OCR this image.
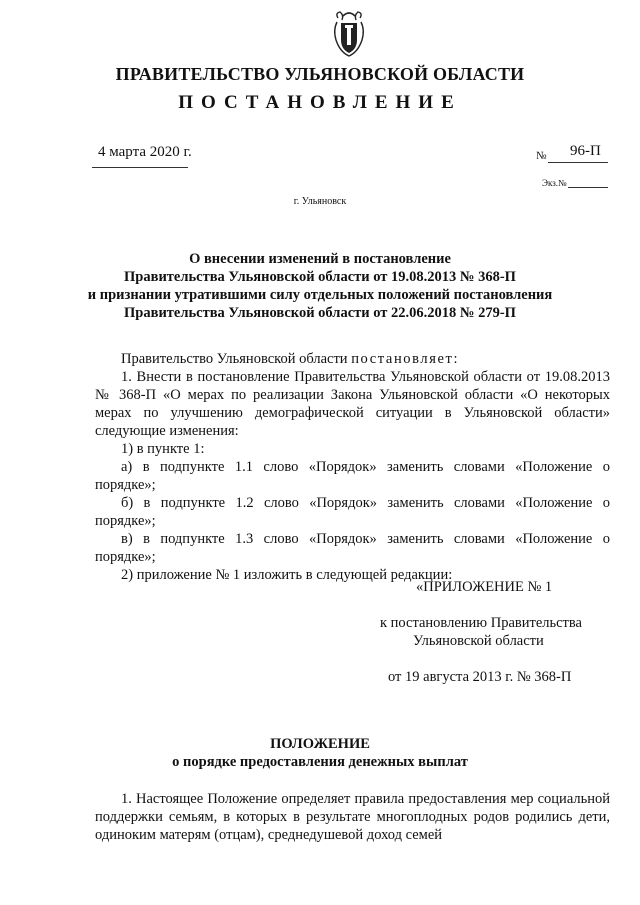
ПРАВИТЕЛЬСТВО УЛЬЯНОВСКОЙ ОБЛАСТИ
ПОСТАНОВЛЕНИЕ
4 марта 2020 г.	№ 96-П
Экз.№
г. Ульяновск
О внесении изменений в постановление
Правительства Ульяновской области от 19.08.2013 № 368-П
и признании утратившими силу отдельных положений постановления
Правительства Ульяновской области от 22.06.2018 № 279-П

Правительство Ульяновской области постановляет:

1. Внести в постановление Правительства Ульяновской области от 19.08.2013 № 368-П «О мерах по реализации Закона Ульяновской области «О некоторых мерах по улучшению демографической ситуации в Ульяновской области» следующие изменения:

1) в пункте 1:

а) в подпункте 1.1 слово «Порядок» заменить словами «Положение о порядке»;

б) в подпункте 1.2 слово «Порядок» заменить словами «Положение о порядке»;

в) в подпункте 1.3 слово «Порядок» заменить словами «Положение о порядке»;

2) приложение № 1 изложить в следующей редакции:

«ПРИЛОЖЕНИЕ № 1
к постановлению Правительства
Ульяновской области
от 19 августа 2013 г. № 368-П
ПОЛОЖЕНИЕ
о порядке предоставления денежных выплат

1. Настоящее Положение определяет правила предоставления мер социальной поддержки семьям, в которых в результате многоплодных родов родились дети, одиноким матерям (отцам), среднедушевой доход семей
